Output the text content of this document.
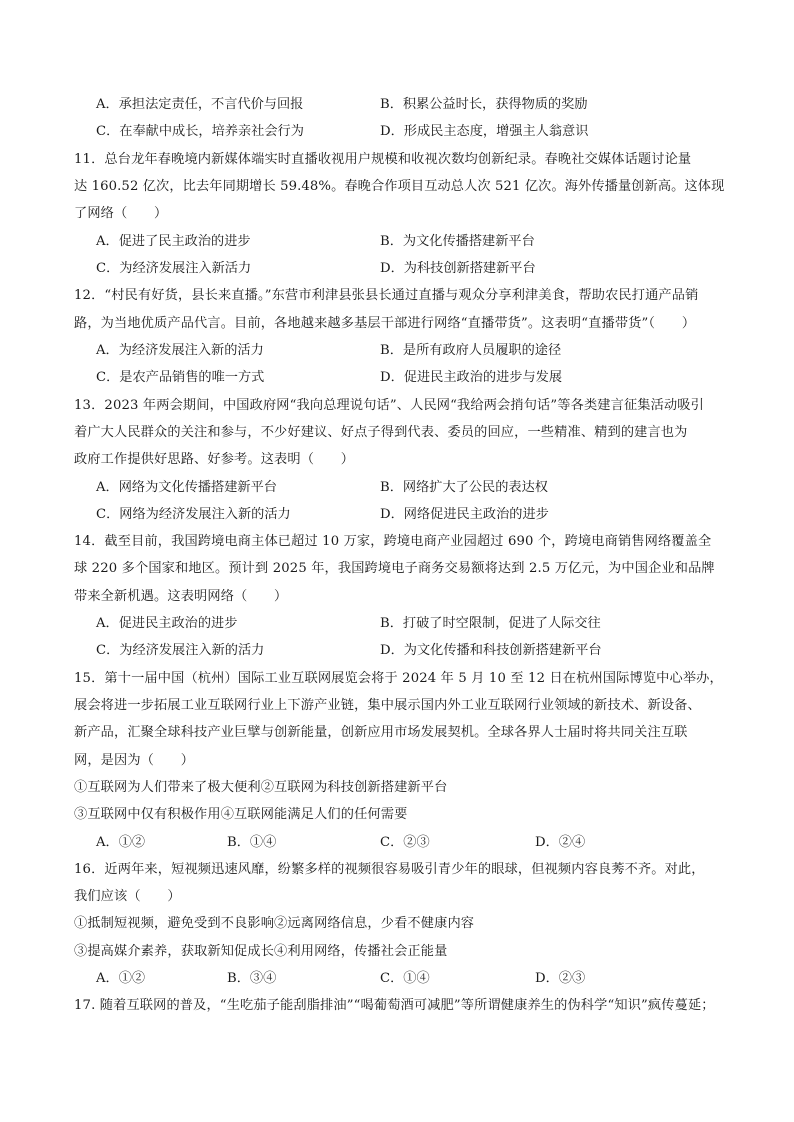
A．承担法定责任，不言代价与回报	B．积累公益时长，获得物质的奖励
C．在奉献中成长，培养亲社会行为	D．形成民主态度，增强主人翁意识
11．总台龙年春晚境内新媒体端实时直播收视用户规模和收视次数均创新纪录。春晚社交媒体话题讨论量
达 160.52 亿次，比去年同期增长 59.48%。春晚合作项目互动总人次 521 亿次。海外传播量创新高。这体现
了网络（　　）
A．促进了民主政治的进步	B．为文化传播搭建新平台
C．为经济发展注入新活力	D．为科技创新搭建新平台
12．“村民有好货，县长来直播。”东营市利津县张县长通过直播与观众分享利津美食，帮助农民打通产品销
路，为当地优质产品代言。目前，各地越来越多基层干部进行网络“直播带货”。这表明“直播带货”（　　）
A．为经济发展注入新的活力	B．是所有政府人员履职的途径
C．是农产品销售的唯一方式	D．促进民主政治的进步与发展
13．2023 年两会期间，中国政府网“我向总理说句话”、人民网“我给两会捎句话”等各类建言征集活动吸引
着广大人民群众的关注和参与，不少好建议、好点子得到代表、委员的回应，一些精准、精到的建言也为
政府工作提供好思路、好参考。这表明（　　）
A．网络为文化传播搭建新平台	B．网络扩大了公民的表达权
C．网络为经济发展注入新的活力	D．网络促进民主政治的进步
14．截至目前，我国跨境电商主体已超过 10 万家，跨境电商产业园超过 690 个，跨境电商销售网络覆盖全
球 220 多个国家和地区。预计到 2025 年，我国跨境电子商务交易额将达到 2.5 万亿元，为中国企业和品牌
带来全新机遇。这表明网络（　　）
A．促进民主政治的进步	B．打破了时空限制，促进了人际交往
C．为经济发展注入新的活力	D．为文化传播和科技创新搭建新平台
15．第十一届中国（杭州）国际工业互联网展览会将于 2024 年 5 月 10 至 12 日在杭州国际博览中心举办，
展会将进一步拓展工业互联网行业上下游产业链，集中展示国内外工业互联网行业领域的新技术、新设备、
新产品，汇聚全球科技产业巨擘与创新能量，创新应用市场发展契机。全球各界人士届时将共同关注互联
网，是因为（　　）
①互联网为人们带来了极大便利②互联网为科技创新搭建新平台
③互联网中仅有积极作用④互联网能满足人们的任何需要
A．①②	B．①④	C．②③	D．②④
16．近两年来，短视频迅速风靡，纷繁多样的视频很容易吸引青少年的眼球，但视频内容良莠不齐。对此，
我们应该（　　）
①抵制短视频，避免受到不良影响②远离网络信息，少看不健康内容
③提高媒介素养，获取新知促成长④利用网络，传播社会正能量
A．①②	B．③④	C．①④	D．②③
17. 随着互联网的普及，“生吃茄子能刮脂排油”“喝葡萄酒可减肥”等所谓健康养生的伪科学“知识”疯传蔓延；
